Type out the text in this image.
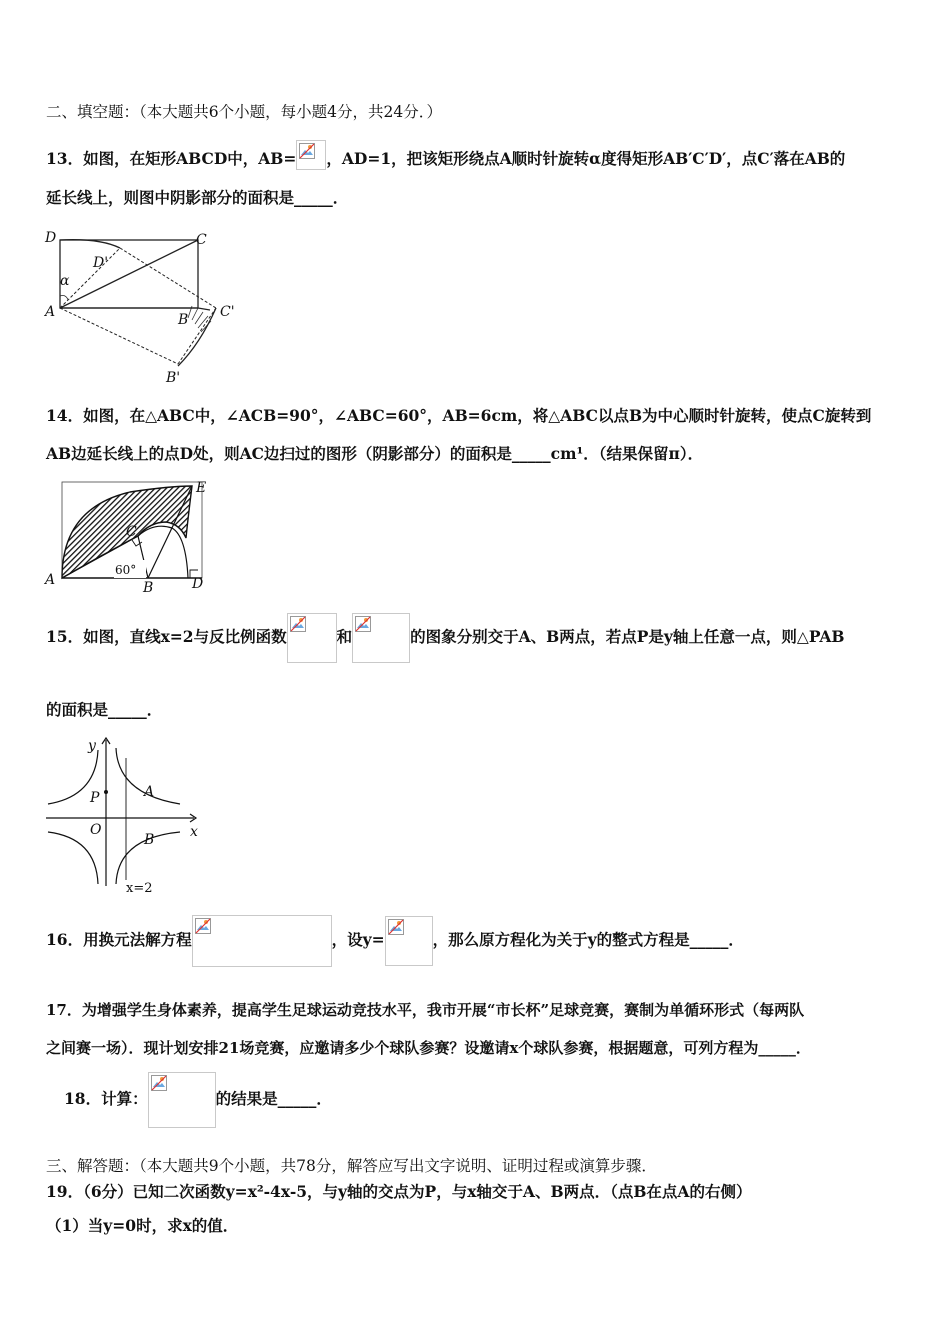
二、填空题：（本大题共6个小题，每小题4分，共24分．）
13．如图，在矩形ABCD中，AB= ，AD=1，把该矩形绕点A顺时针旋转α度得矩形AB′C′D′，点C′落在AB的
延长线上，则图中阴影部分的面积是_____．
D	C
D'
α
A	B C'
B'
14．如图，在△ABC中，∠ACB=90°，∠ABC=60°，AB=6cm，将△ABC以点B为中心顺时针旋转，使点C旋转到
AB边延长线上的点D处，则AC边扫过的图形（阴影部分）的面积是_____cm¹．（结果保留π）．
E
C
A	B	D
60°
15．如图，直线x=2与反比例函数	和	的图象分别交于A、B两点，若点P是y轴上任意一点，则△PAB
的面积是_____．
y
P	A
O	x
B
x=2
16．用换元法解方程	，设y=	，那么原方程化为关于y的整式方程是_____．
17．为增强学生身体素养，提高学生足球运动竞技水平，我市开展“市长杯”足球竞赛，赛制为单循环形式（每两队
之间赛一场）．现计划安排21场竞赛，应邀请多少个球队参赛？设邀请x个球队参赛，根据题意，可列方程为_____．
18．计算：	的结果是_____．
三、解答题：（本大题共9个小题，共78分，解答应写出文字说明、证明过程或演算步骤．
19．（6分）已知二次函数y=x²-4x-5，与y轴的交点为P，与x轴交于A、B两点．（点B在点A的右侧）
（1）当y=0时，求x的值．
